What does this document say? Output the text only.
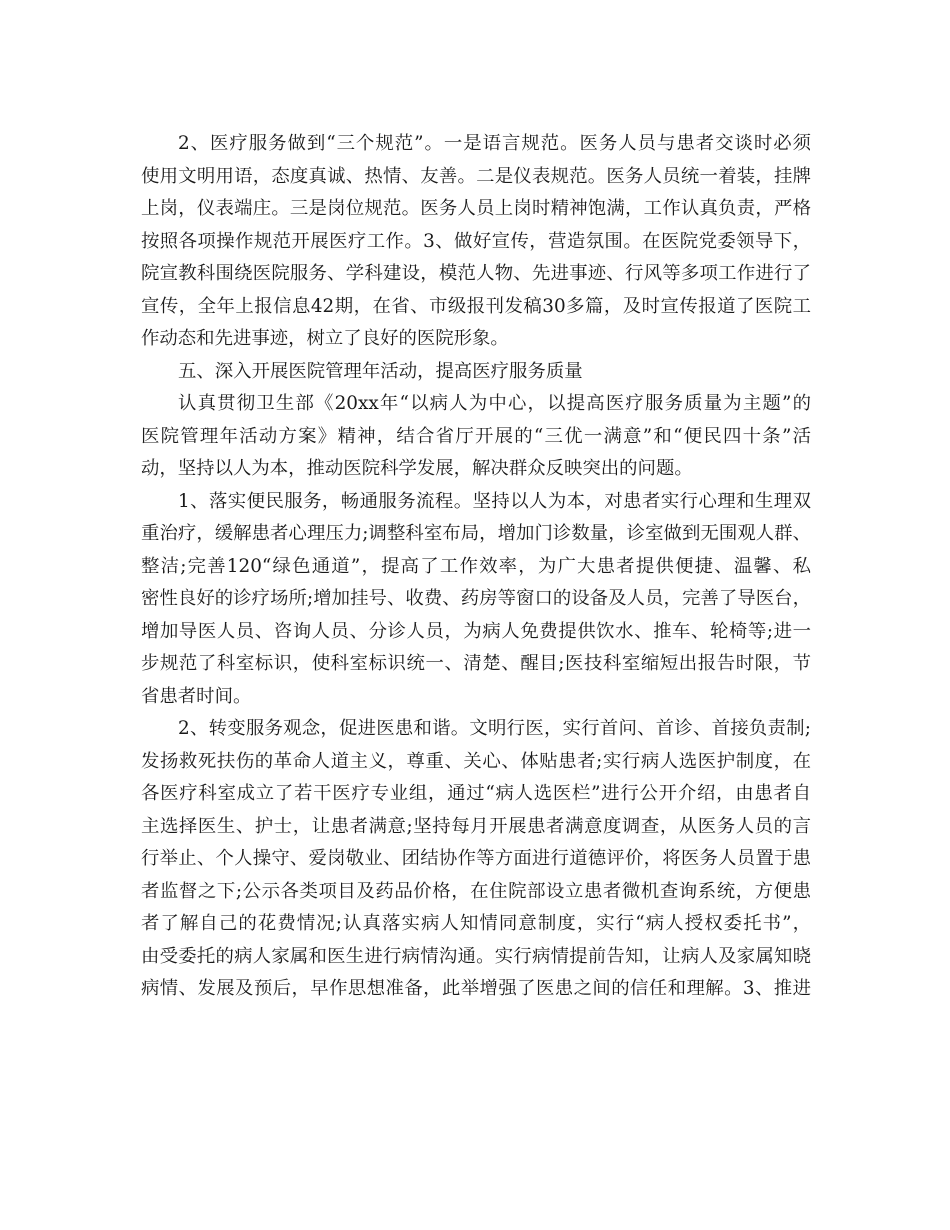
2、医疗服务做到“三个规范”。一是语言规范。医务人员与患者交谈时必须
使用文明用语，态度真诚、热情、友善。二是仪表规范。医务人员统一着装，挂牌
上岗，仪表端庄。三是岗位规范。医务人员上岗时精神饱满，工作认真负责，严格
按照各项操作规范开展医疗工作。3、做好宣传，营造氛围。在医院党委领导下，
院宣教科围绕医院服务、学科建设，模范人物、先进事迹、行风等多项工作进行了
宣传，全年上报信息42期，在省、市级报刊发稿30多篇，及时宣传报道了医院工
作动态和先进事迹，树立了良好的医院形象。
五、深入开展医院管理年活动，提高医疗服务质量
认真贯彻卫生部《20xx年“以病人为中心，以提高医疗服务质量为主题”的
医院管理年活动方案》精神，结合省厅开展的“三优一满意”和“便民四十条”活
动，坚持以人为本，推动医院科学发展，解决群众反映突出的问题。
1、落实便民服务，畅通服务流程。坚持以人为本，对患者实行心理和生理双
重治疗，缓解患者心理压力;调整科室布局，增加门诊数量，诊室做到无围观人群、
整洁;完善120“绿色通道”，提高了工作效率，为广大患者提供便捷、温馨、私
密性良好的诊疗场所;增加挂号、收费、药房等窗口的设备及人员，完善了导医台，
增加导医人员、咨询人员、分诊人员，为病人免费提供饮水、推车、轮椅等;进一
步规范了科室标识，使科室标识统一、清楚、醒目;医技科室缩短出报告时限，节
省患者时间。
2、转变服务观念，促进医患和谐。文明行医，实行首问、首诊、首接负责制;
发扬救死扶伤的革命人道主义，尊重、关心、体贴患者;实行病人选医护制度，在
各医疗科室成立了若干医疗专业组，通过“病人选医栏”进行公开介绍，由患者自
主选择医生、护士，让患者满意;坚持每月开展患者满意度调查，从医务人员的言
行举止、个人操守、爱岗敬业、团结协作等方面进行道德评价，将医务人员置于患
者监督之下;公示各类项目及药品价格，在住院部设立患者微机查询系统，方便患
者了解自己的花费情况;认真落实病人知情同意制度，实行“病人授权委托书”，
由受委托的病人家属和医生进行病情沟通。实行病情提前告知，让病人及家属知晓
病情、发展及预后，早作思想准备，此举增强了医患之间的信任和理解。3、推进
